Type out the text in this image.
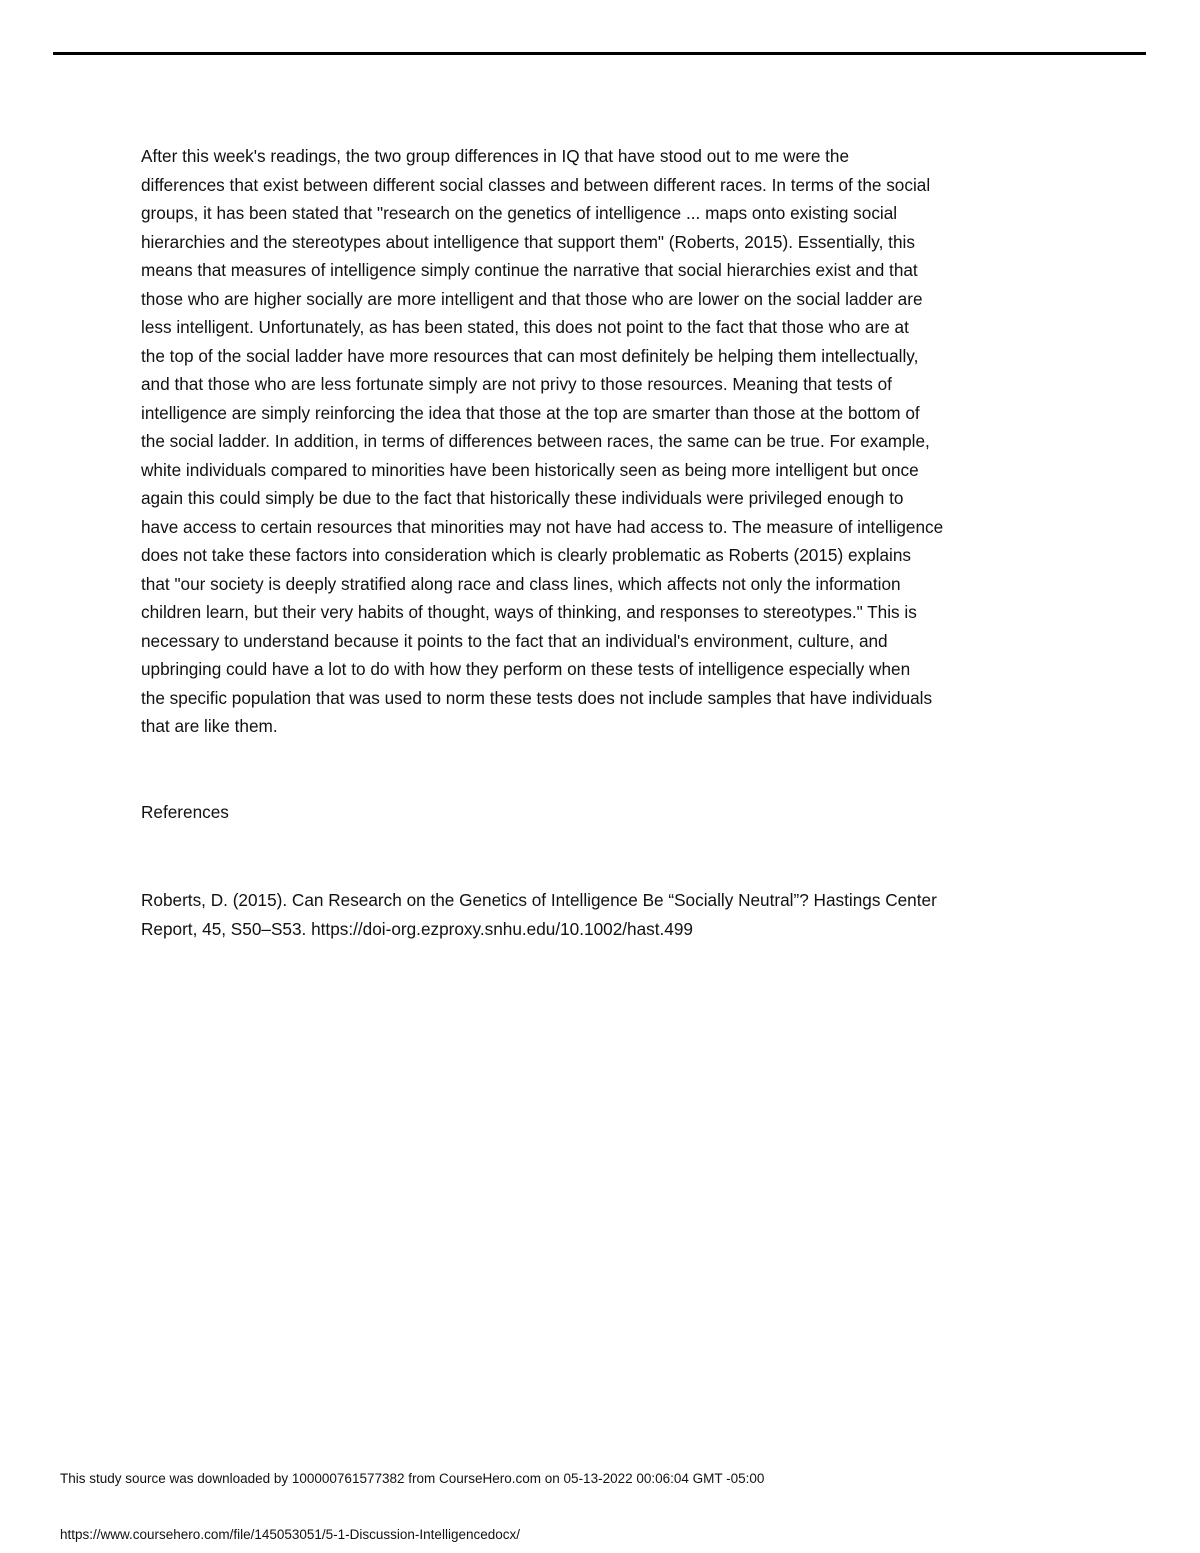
After this week's readings, the two group differences in IQ that have stood out to me were the
differences that exist between different social classes and between different races. In terms of the social
groups, it has been stated that "research on the genetics of intelligence ... maps onto existing social
hierarchies and the stereotypes about intelligence that support them" (Roberts, 2015). Essentially, this
means that measures of intelligence simply continue the narrative that social hierarchies exist and that
those who are higher socially are more intelligent and that those who are lower on the social ladder are
less intelligent. Unfortunately, as has been stated, this does not point to the fact that those who are at
the top of the social ladder have more resources that can most definitely be helping them intellectually,
and that those who are less fortunate simply are not privy to those resources. Meaning that tests of
intelligence are simply reinforcing the idea that those at the top are smarter than those at the bottom of
the social ladder. In addition, in terms of differences between races, the same can be true. For example,
white individuals compared to minorities have been historically seen as being more intelligent but once
again this could simply be due to the fact that historically these individuals were privileged enough to
have access to certain resources that minorities may not have had access to. The measure of intelligence
does not take these factors into consideration which is clearly problematic as Roberts (2015) explains
that "our society is deeply stratified along race and class lines, which affects not only the information
children learn, but their very habits of thought, ways of thinking, and responses to stereotypes." This is
necessary to understand because it points to the fact that an individual's environment, culture, and
upbringing could have a lot to do with how they perform on these tests of intelligence especially when
the specific population that was used to norm these tests does not include samples that have individuals
that are like them.

References

Roberts, D. (2015). Can Research on the Genetics of Intelligence Be “Socially Neutral”? Hastings Center
Report, 45, S50–S53. https://doi-org.ezproxy.snhu.edu/10.1002/hast.499

This study source was downloaded by 100000761577382 from CourseHero.com on 05-13-2022 00:06:04 GMT -05:00
https://www.coursehero.com/file/145053051/5-1-Discussion-Intelligencedocx/
